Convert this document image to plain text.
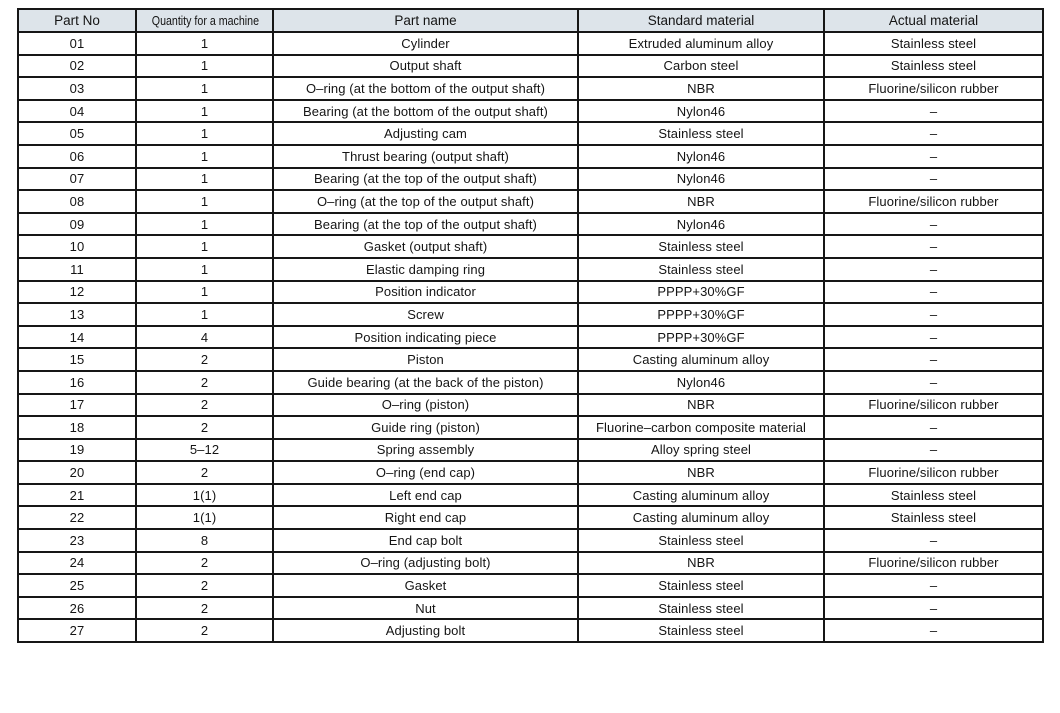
Part No	Quantity for a machine	Part name	Standard material	Actual material
01	1	Cylinder	Extruded aluminum alloy	Stainless steel
02	1	Output shaft	Carbon steel	Stainless steel
03	1	O–ring (at the bottom of the output shaft)	NBR	Fluorine/silicon rubber
04	1	Bearing (at the bottom of the output shaft)	Nylon46	–
05	1	Adjusting cam	Stainless steel	–
06	1	Thrust bearing (output shaft)	Nylon46	–
07	1	Bearing (at the top of the output shaft)	Nylon46	–
08	1	O–ring (at the top of the output shaft)	NBR	Fluorine/silicon rubber
09	1	Bearing (at the top of the output shaft)	Nylon46	–
10	1	Gasket (output shaft)	Stainless steel	–
11	1	Elastic damping ring	Stainless steel	–
12	1	Position indicator	PPPP+30%GF	–
13	1	Screw	PPPP+30%GF	–
14	4	Position indicating piece	PPPP+30%GF	–
15	2	Piston	Casting aluminum alloy	–
16	2	Guide bearing (at the back of the piston)	Nylon46	–
17	2	O–ring (piston)	NBR	Fluorine/silicon rubber
18	2	Guide ring (piston)	Fluorine–carbon composite material	–
19	5–12	Spring assembly	Alloy spring steel	–
20	2	O–ring (end cap)	NBR	Fluorine/silicon rubber
21	1(1)	Left end cap	Casting aluminum alloy	Stainless steel
22	1(1)	Right end cap	Casting aluminum alloy	Stainless steel
23	8	End cap bolt	Stainless steel	–
24	2	O–ring (adjusting bolt)	NBR	Fluorine/silicon rubber
25	2	Gasket	Stainless steel	–
26	2	Nut	Stainless steel	–
27	2	Adjusting bolt	Stainless steel	–
